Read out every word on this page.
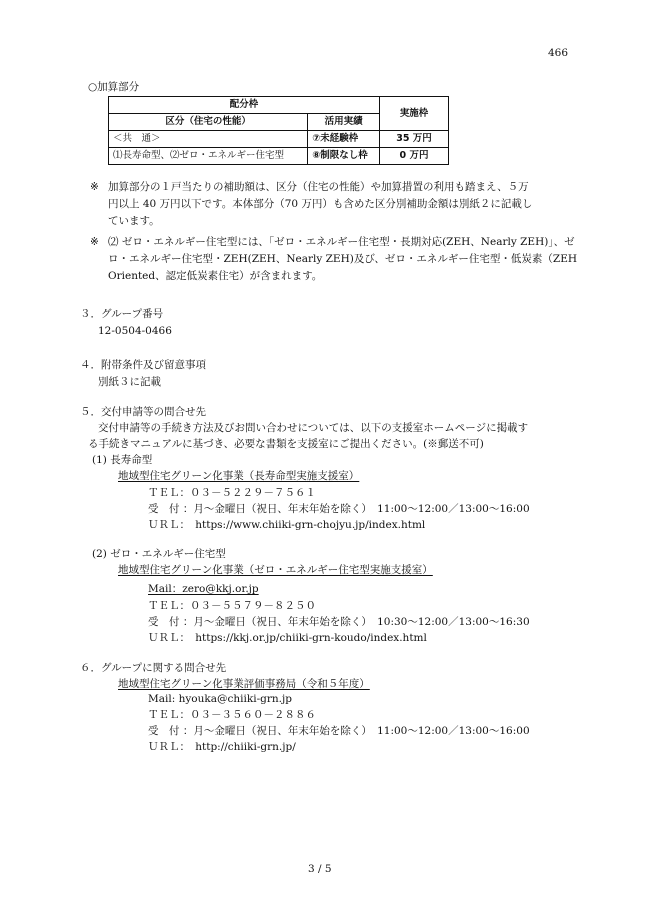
466
○加算部分
配分枠		実施枠
区分（住宅の性能）	活用実績	
＜共　通＞	⑦未経験枠	35 万円
⑴長寿命型、⑵ゼロ・エネルギー住宅型	⑧制限なし枠	0 万円
※ 加算部分の１戸当たりの補助額は、区分（住宅の性能）や加算措置の利用も踏まえ、５万
円以上 40 万円以下です。本体部分（70 万円）も含めた区分別補助金額は別紙２に記載し
ています。
※ ⑵ ゼロ・エネルギー住宅型には、「ゼロ・エネルギー住宅型・長期対応(ZEH、Nearly ZEH)」、ゼ
ロ・エネルギー住宅型・ZEH(ZEH、Nearly ZEH)及び、ゼロ・エネルギー住宅型・低炭素（ZEH
Oriented、認定低炭素住宅）が含まれます。
３．グループ番号
12-0504-0466
４．附帯条件及び留意事項
別紙３に記載
５．交付申請等の問合せ先
交付申請等の手続き方法及びお問い合わせについては、以下の支援室ホームページに掲載す
る手続きマニュアルに基づき、必要な書類を支援室にご提出ください。(※郵送不可)
(1) 長寿命型
地域型住宅グリーン化事業（長寿命型実施支援室）
ＴＥＬ：０３－５２２９－７５６１
受　付 ：月～金曜日（祝日、年末年始を除く）　11:00～12:00／13:00～16:00
ＵＲＬ：　https://www.chiiki-grn-chojyu.jp/index.html
(2) ゼロ・エネルギー住宅型
地域型住宅グリーン化事業（ゼロ・エネルギー住宅型実施支援室）
Mail：zero@kkj.or.jp
ＴＥＬ：０３－５５７９－８２５０
受　付 ：月～金曜日（祝日、年末年始を除く）　10:30～12:00／13:00～16:30
ＵＲＬ：　https://kkj.or.jp/chiiki-grn-koudo/index.html
６．グループに関する問合せ先
地域型住宅グリーン化事業評価事務局（令和５年度）
Mail: hyouka@chiiki-grn.jp
ＴＥＬ：０３－３５６０－２８８６
受　付 ：月～金曜日（祝日、年末年始を除く）　11:00～12:00／13:00～16:00
ＵＲＬ：　http://chiiki-grn.jp/
3 / 5
